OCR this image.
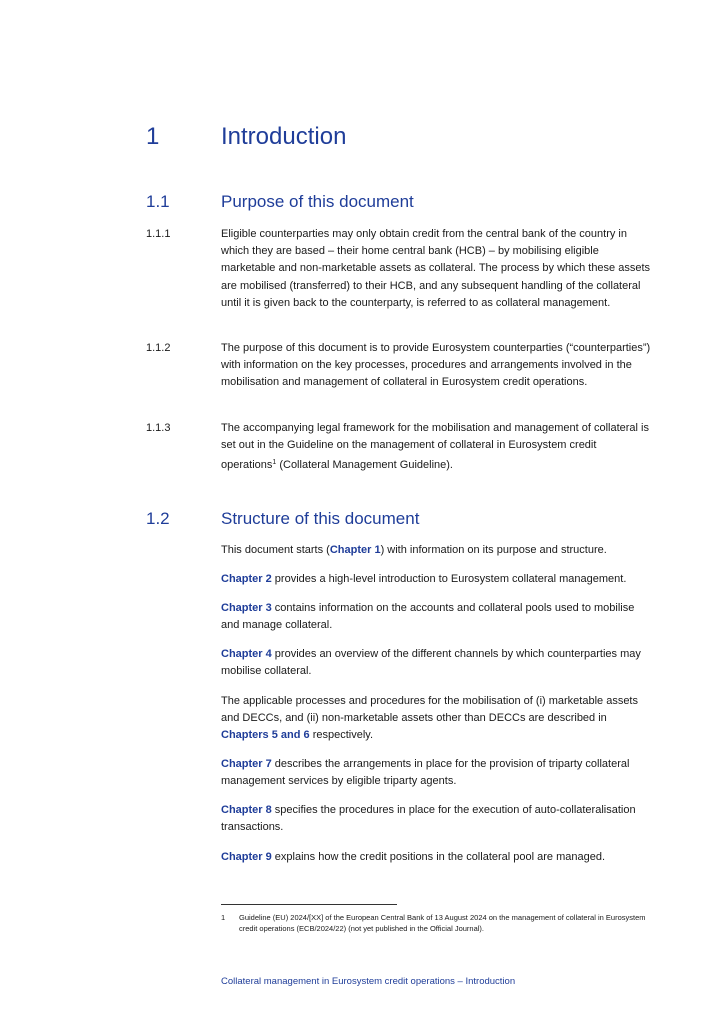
1	Introduction
1.1	Purpose of this document
1.1.1	Eligible counterparties may only obtain credit from the central bank of the country in which they are based – their home central bank (HCB) – by mobilising eligible marketable and non-marketable assets as collateral. The process by which these assets are mobilised (transferred) to their HCB, and any subsequent handling of the collateral until it is given back to the counterparty, is referred to as collateral management.
1.1.2	The purpose of this document is to provide Eurosystem counterparties (“counterparties”) with information on the key processes, procedures and arrangements involved in the mobilisation and management of collateral in Eurosystem credit operations.
1.1.3	The accompanying legal framework for the mobilisation and management of collateral is set out in the Guideline on the management of collateral in Eurosystem credit operations$^1$ (Collateral Management Guideline).
1.2	Structure of this document
This document starts (Chapter 1) with information on its purpose and structure.
Chapter 2 provides a high-level introduction to Eurosystem collateral management.
Chapter 3 contains information on the accounts and collateral pools used to mobilise and manage collateral.
Chapter 4 provides an overview of the different channels by which counterparties may mobilise collateral.
The applicable processes and procedures for the mobilisation of (i) marketable assets and DECCs, and (ii) non-marketable assets other than DECCs are described in Chapters 5 and 6 respectively.
Chapter 7 describes the arrangements in place for the provision of triparty collateral management services by eligible triparty agents.
Chapter 8 specifies the procedures in place for the execution of auto-collateralisation transactions.
Chapter 9 explains how the credit positions in the collateral pool are managed.
1 Guideline (EU) 2024/[XX] of the European Central Bank of 13 August 2024 on the management of collateral in Eurosystem credit operations (ECB/2024/22) (not yet published in the Official Journal).
Collateral management in Eurosystem credit operations – Introduction
